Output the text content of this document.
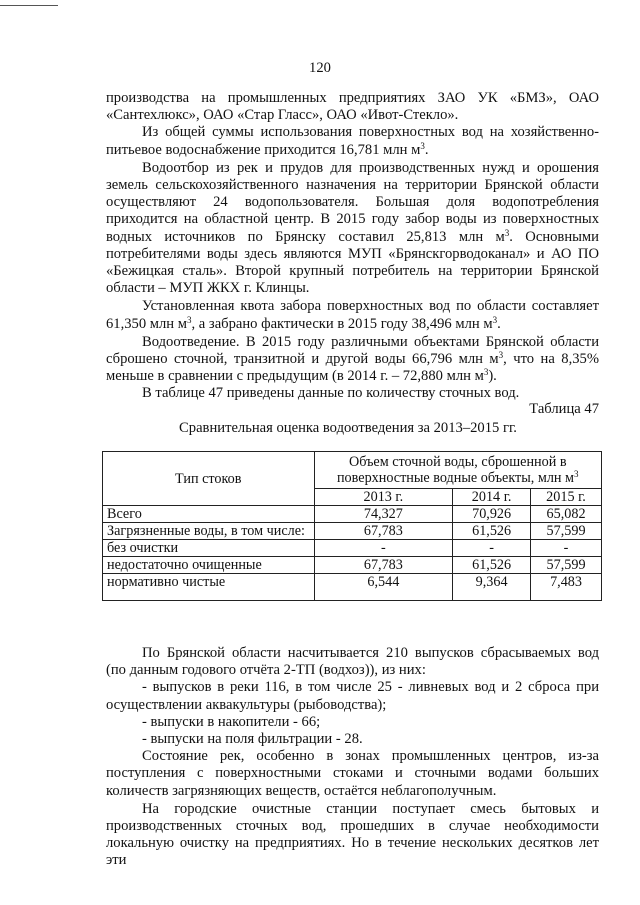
120

производства на промышленных предприятиях ЗАО УК «БМЗ», ОАО «Сантехлюкс», ОАО «Стар Гласс», ОАО «Ивот-Стекло».

Из общей суммы использования поверхностных вод на хозяйственно-питьевое водоснабжение приходится 16,781 млн $м^3$.

Водоотбор из рек и прудов для производственных нужд и орошения земель сельскохозяйственного назначения на территории Брянской области осуществляют 24 водопользователя. Большая доля водопотребления приходится на областной центр. В 2015 году забор воды из поверхностных водных источников по Брянску составил 25,813 млн $м^3$. Основными потребителями воды здесь являются МУП «Брянскгорводоканал» и АО ПО «Бежицкая сталь». Второй крупный потребитель на территории Брянской области – МУП ЖКХ г. Клинцы.

Установленная квота забора поверхностных вод по области составляет 61,350 млн $м^3$, а забрано фактически в 2015 году 38,496 млн $м^3$.

Водоотведение. В 2015 году различными объектами Брянской области сброшено сточной, транзитной и другой воды 66,796 млн $м^3$, что на 8,35% меньше в сравнении с предыдущим (в 2014 г. – 72,880 млн $м^3$).

В таблице 47 приведены данные по количеству сточных вод.

Таблица 47
Сравнительная оценка водоотведения за 2013–2015 гг.
Тип стоков	Объем сточной воды, сброшенной в поверхностные водные объекты, млн $м^3$
	2013 г.	2014 г.	2015 г.
Всего	74,327	70,926	65,082
Загрязненные воды, в том числе:	67,783	61,526	57,599
без очистки	-	-	-
недостаточно очищенные	67,783	61,526	57,599
нормативно чистые	6,544	9,364	7,483

По Брянской области насчитывается 210 выпусков сбрасываемых вод (по данным годового отчёта 2-ТП (водхоз)), из них:

- выпусков в реки 116, в том числе 25 - ливневых вод и 2 сброса при осуществлении аквакультуры (рыбоводства);

- выпуски в накопители - 66;

- выпуски на поля фильтрации - 28.

Состояние рек, особенно в зонах промышленных центров, из-за поступления с поверхностными стоками и сточными водами больших количеств загрязняющих веществ, остаётся неблагополучным.

На городские очистные станции поступает смесь бытовых и производственных сточных вод, прошедших в случае необходимости локальную очистку на предприятиях. Но в течение нескольких десятков лет эти
